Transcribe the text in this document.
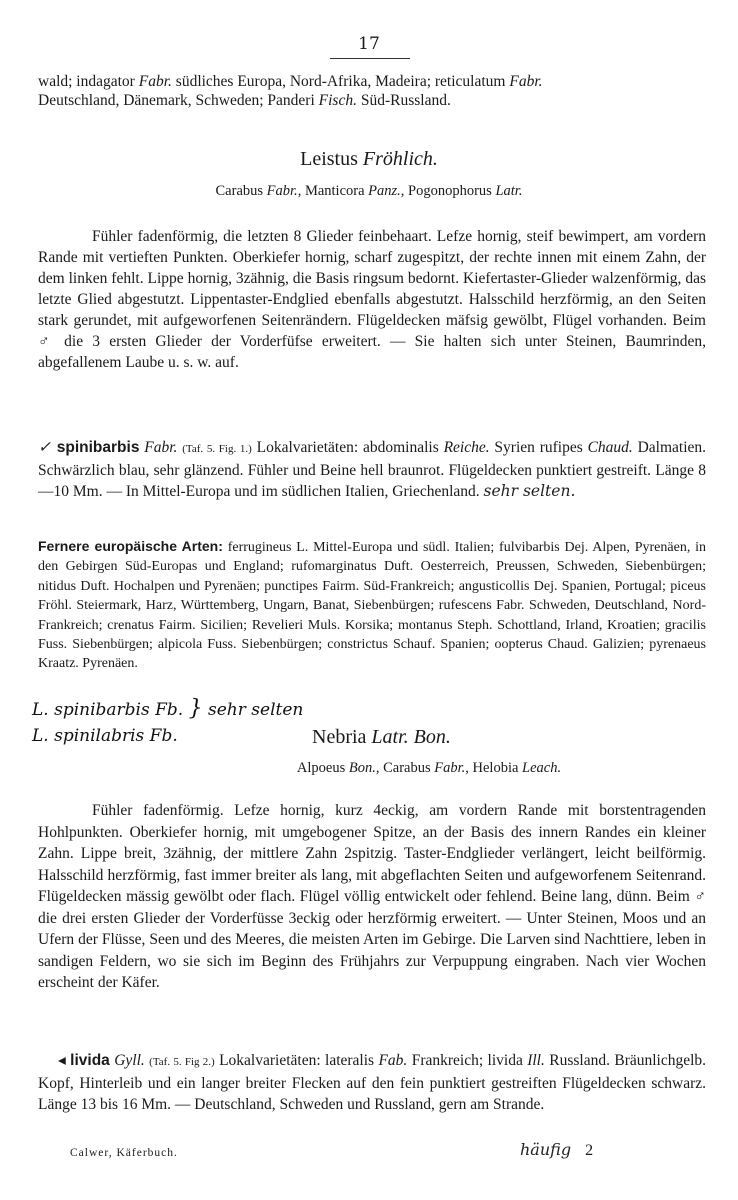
17
wald; indagator Fabr. südliches Europa, Nord-Afrika, Madeira; reticulatum Fabr.
Deutschland, Dänemark, Schweden; Panderi Fisch. Süd-Russland.
Leistus Fröhlich.
Carabus Fabr., Manticora Panz., Pogonophorus Latr.
Fühler fadenförmig, die letzten 8 Glieder feinbehaart. Lefze hornig, steif bewimpert, am vordern Rande mit vertieften Punkten. Oberkiefer hornig, scharf zugespitzt, der rechte innen mit einem Zahn, der dem linken fehlt. Lippe hornig, 3zähnig, die Basis ringsum bedornt. Kiefertaster-Glieder walzenförmig, das letzte Glied abgestutzt. Lippentaster-Endglied ebenfalls abgestutzt. Halsschild herzförmig, an den Seiten stark gerundet, mit aufgeworfenen Seitenrändern. Flügeldecken mäfsig gewölbt, Flügel vorhanden. Beim ♂ die 3 ersten Glieder der Vorderfüfse erweitert. — Sie halten sich unter Steinen, Baumrinden, abgefallenem Laube u. s. w. auf.
✓ spinibarbis Fabr. (Taf. 5. Fig. 1.) Lokalvarietäten: abdominalis Reiche. Syrien rufipes Chaud. Dalmatien. Schwärzlich blau, sehr glänzend. Fühler und Beine hell braunrot. Flügeldecken punktiert gestreift. Länge 8—10 Mm. — In Mittel-Europa und im südlichen Italien, Griechenland. sehr selten.
Fernere europäische Arten: ferrugineus L. Mittel-Europa und südl. Italien; fulvibarbis Dej. Alpen, Pyrenäen, in den Gebirgen Süd-Europas und England; rufomarginatus Duft. Oesterreich, Preussen, Schweden, Siebenbürgen; nitidus Duft. Hochalpen und Pyrenäen; punctipes Fairm. Süd-Frankreich; angusticollis Dej. Spanien, Portugal; piceus Fröhl. Steiermark, Harz, Württemberg, Ungarn, Banat, Siebenbürgen; rufescens Fabr. Schweden, Deutschland, Nord-Frankreich; crenatus Fairm. Sicilien; Revelieri Muls. Korsika; montanus Steph. Schottland, Irland, Kroatien; gracilis Fuss. Siebenbürgen; alpicola Fuss. Siebenbürgen; constrictus Schauf. Spanien; oopterus Chaud. Galizien; pyrenaeus Kraatz. Pyrenäen.
L. spinibarbis Fb. } sehr selten
L. spinilabris Fb.	Nebria Latr. Bon.
Alpoeus Bon., Carabus Fabr., Helobia Leach.
Fühler fadenförmig. Lefze hornig, kurz 4eckig, am vordern Rande mit borstentragenden Hohlpunkten. Oberkiefer hornig, mit umgebogener Spitze, an der Basis des innern Randes ein kleiner Zahn. Lippe breit, 3zähnig, der mittlere Zahn 2spitzig. Taster-Endglieder verlängert, leicht beilförmig. Halsschild herzförmig, fast immer breiter als lang, mit abgeflachten Seiten und aufgeworfenem Seitenrand. Flügeldecken mässig gewölbt oder flach. Flügel völlig entwickelt oder fehlend. Beine lang, dünn. Beim ♂ die drei ersten Glieder der Vorderfüsse 3eckig oder herzförmig erweitert. — Unter Steinen, Moos und an Ufern der Flüsse, Seen und des Meeres, die meisten Arten im Gebirge. Die Larven sind Nachttiere, leben in sandigen Feldern, wo sie sich im Beginn des Frühjahrs zur Verpuppung eingraben. Nach vier Wochen erscheint der Käfer.
◂ livida Gyll. (Taf. 5. Fig 2.) Lokalvarietäten: lateralis Fab. Frankreich; livida Ill. Russland. Bräunlichgelb. Kopf, Hinterleib und ein langer breiter Flecken auf den fein punktiert gestreiften Flügeldecken schwarz. Länge 13 bis 16 Mm. — Deutschland, Schweden und Russland, gern am Strande.
Calwer, Käferbuch.	häufig 2
